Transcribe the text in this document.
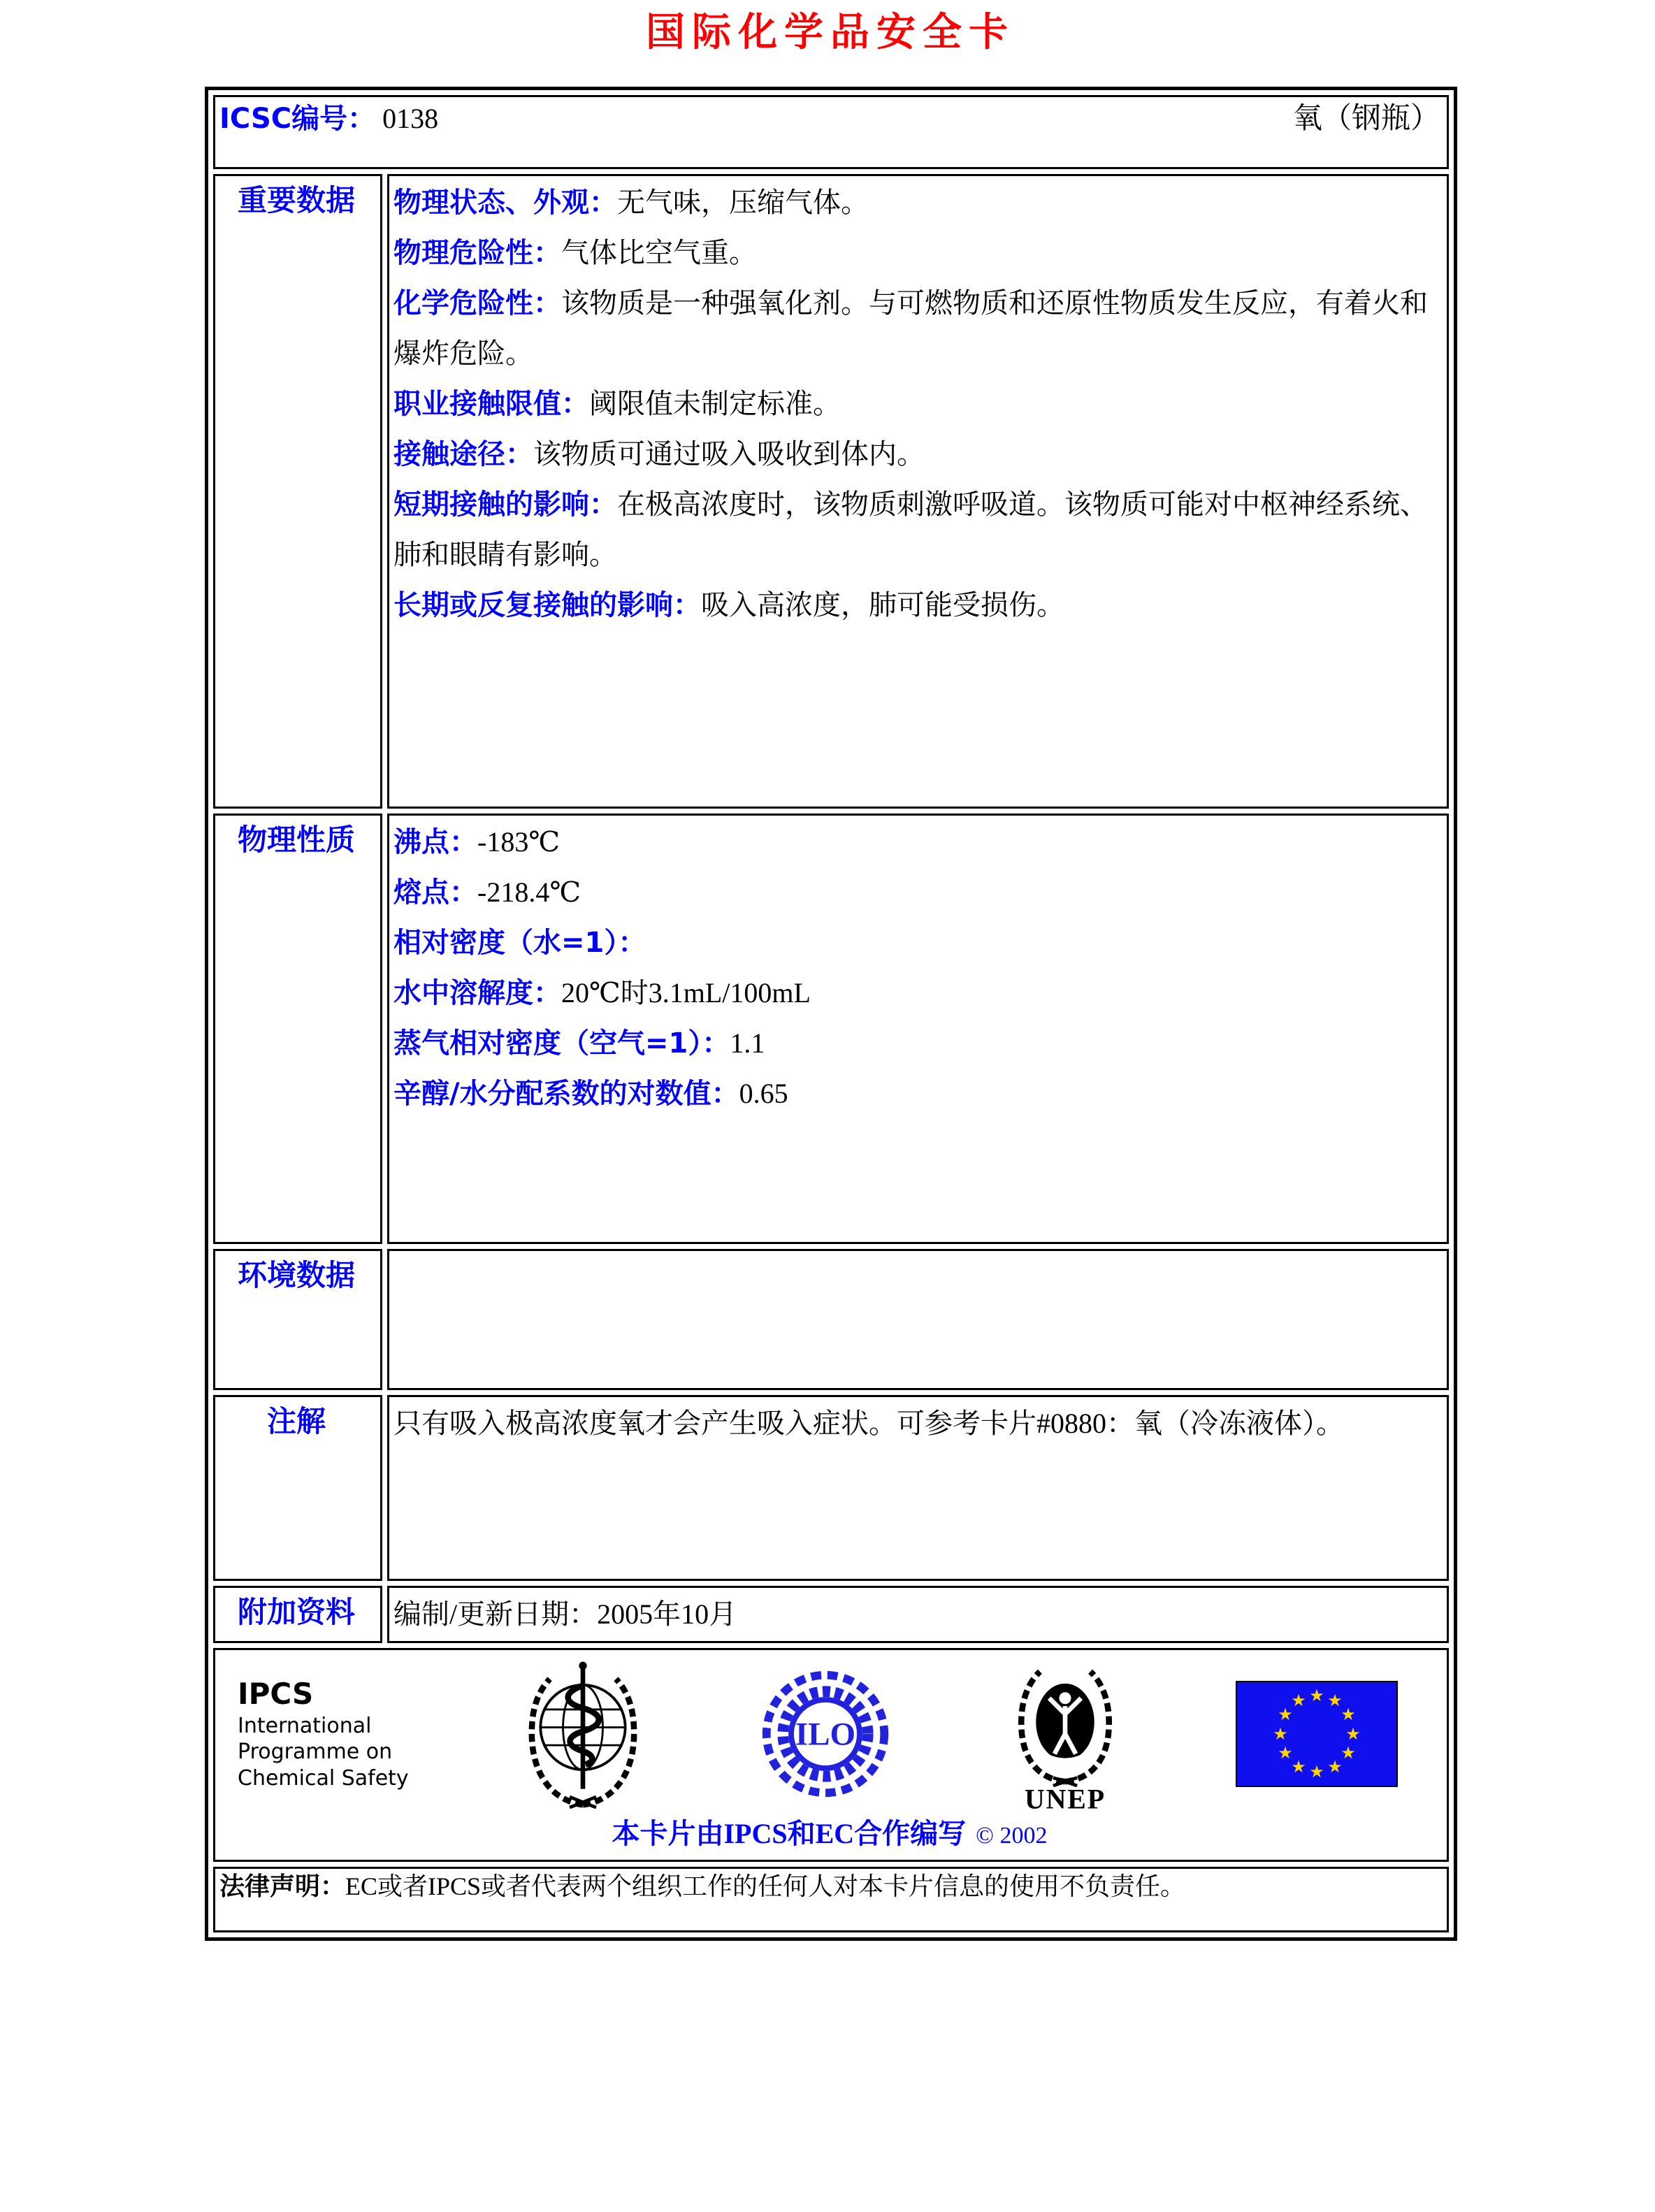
国际化学品安全卡
ICSC编号： 0138 氧（钢瓶）	

重要数据	物理状态、外观：无气味，压缩气体。
物理危险性：气体比空气重。
化学危险性：该物质是一种强氧化剂。与可燃物质和还原性物质发生反应，有着火和爆炸危险。
职业接触限值：阈限值未制定标准。
接触途径：该物质可通过吸入吸收到体内。
短期接触的影响：在极高浓度时，该物质刺激呼吸道。该物质可能对中枢神经系统、肺和眼睛有影响。
长期或反复接触的影响：吸入高浓度，肺可能受损伤。

物理性质	沸点：-183℃
熔点：-218.4℃
相对密度（水=1）：
水中溶解度：20℃时3.1mL/100mL
蒸气相对密度（空气=1）：1.1
辛醇/水分配系数的对数值：0.65

环境数据	

注解	只有吸入极高浓度氧才会产生吸入症状。可参考卡片#0880：氧（冷冻液体）。

附加资料	编制/更新日期：2005年10月

IPCS
International
Programme on
Chemical Safety
ILO
UNEP
★ ★
★
★
★
★
★
★
★
★
★
★
本卡片由IPCS和EC合作编写 © 2002

法律声明：EC或者IPCS或者代表两个组织工作的任何人对本卡片信息的使用不负责任。	
